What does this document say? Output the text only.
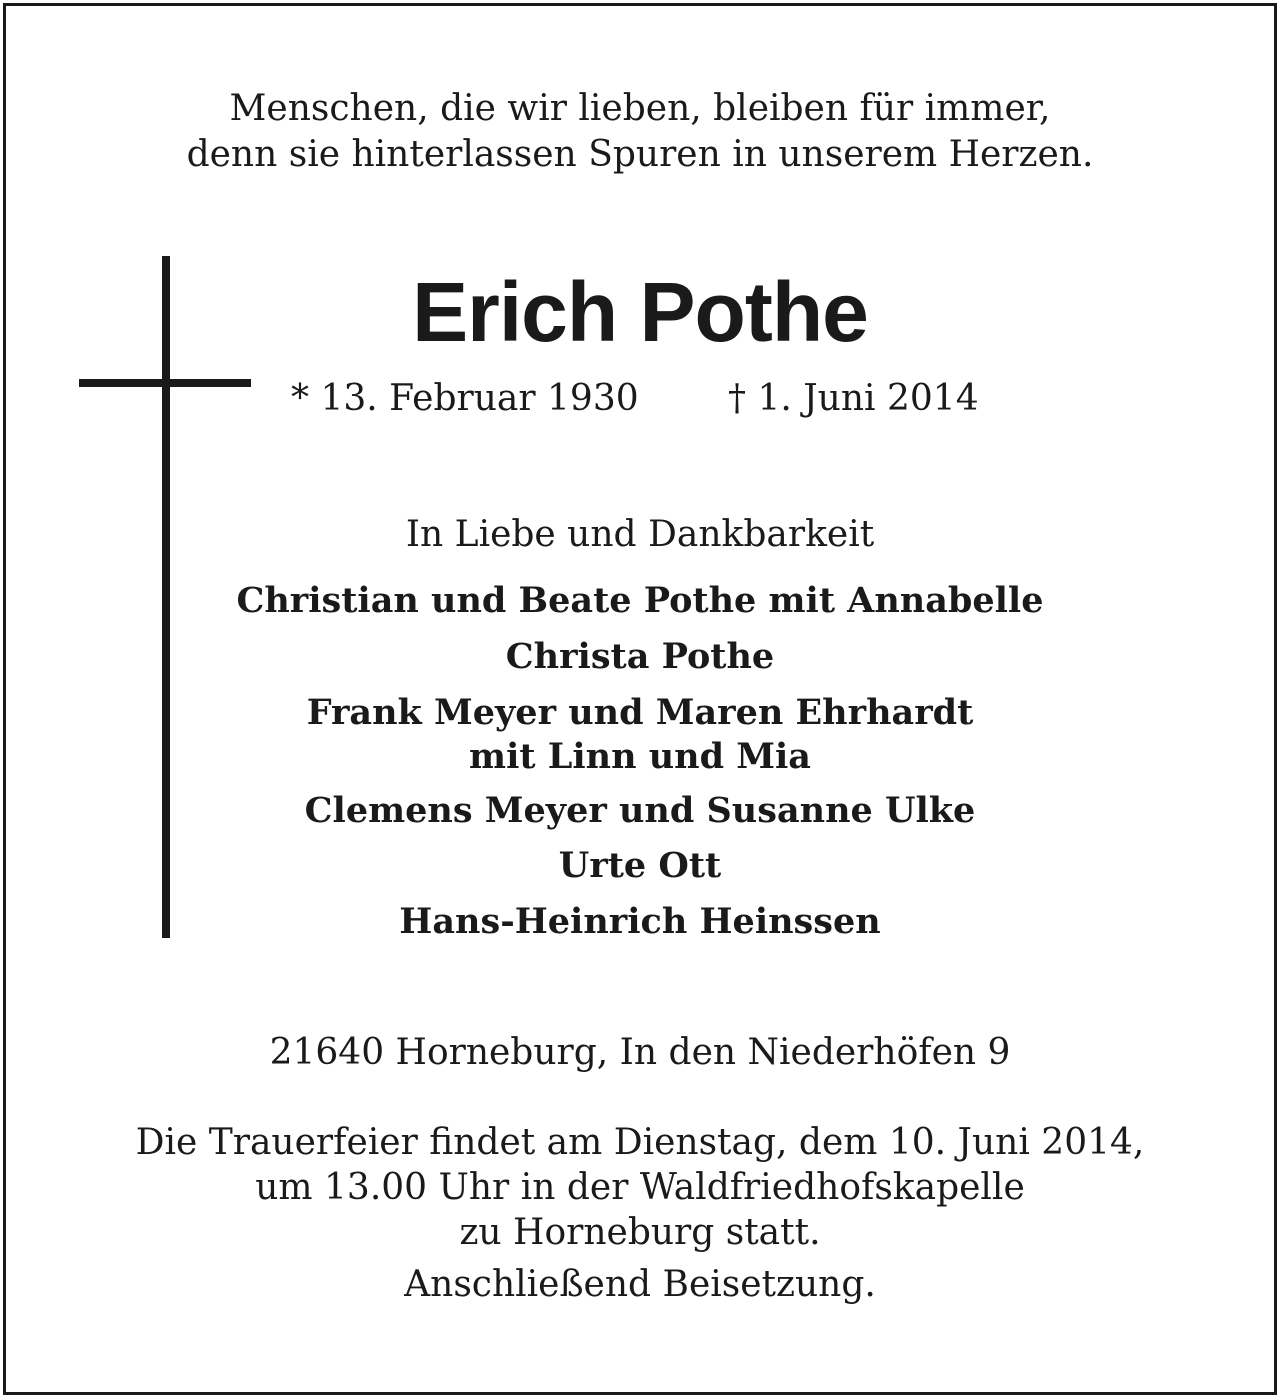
Menschen, die wir lieben, bleiben für immer,
denn sie hinterlassen Spuren in unserem Herzen.
Erich Pothe
* 13. Februar 1930 † 1. Juni 2014
In Liebe und Dankbarkeit
Christian und Beate Pothe mit Annabelle
Christa Pothe
Frank Meyer und Maren Ehrhardt
mit Linn und Mia
Clemens Meyer und Susanne Ulke
Urte Ott
Hans-Heinrich Heinssen
21640 Horneburg, In den Niederhöfen 9
Die Trauerfeier findet am Dienstag, dem 10. Juni 2014,
um 13.00 Uhr in der Waldfriedhofskapelle
zu Horneburg statt.
Anschließend Beisetzung.
